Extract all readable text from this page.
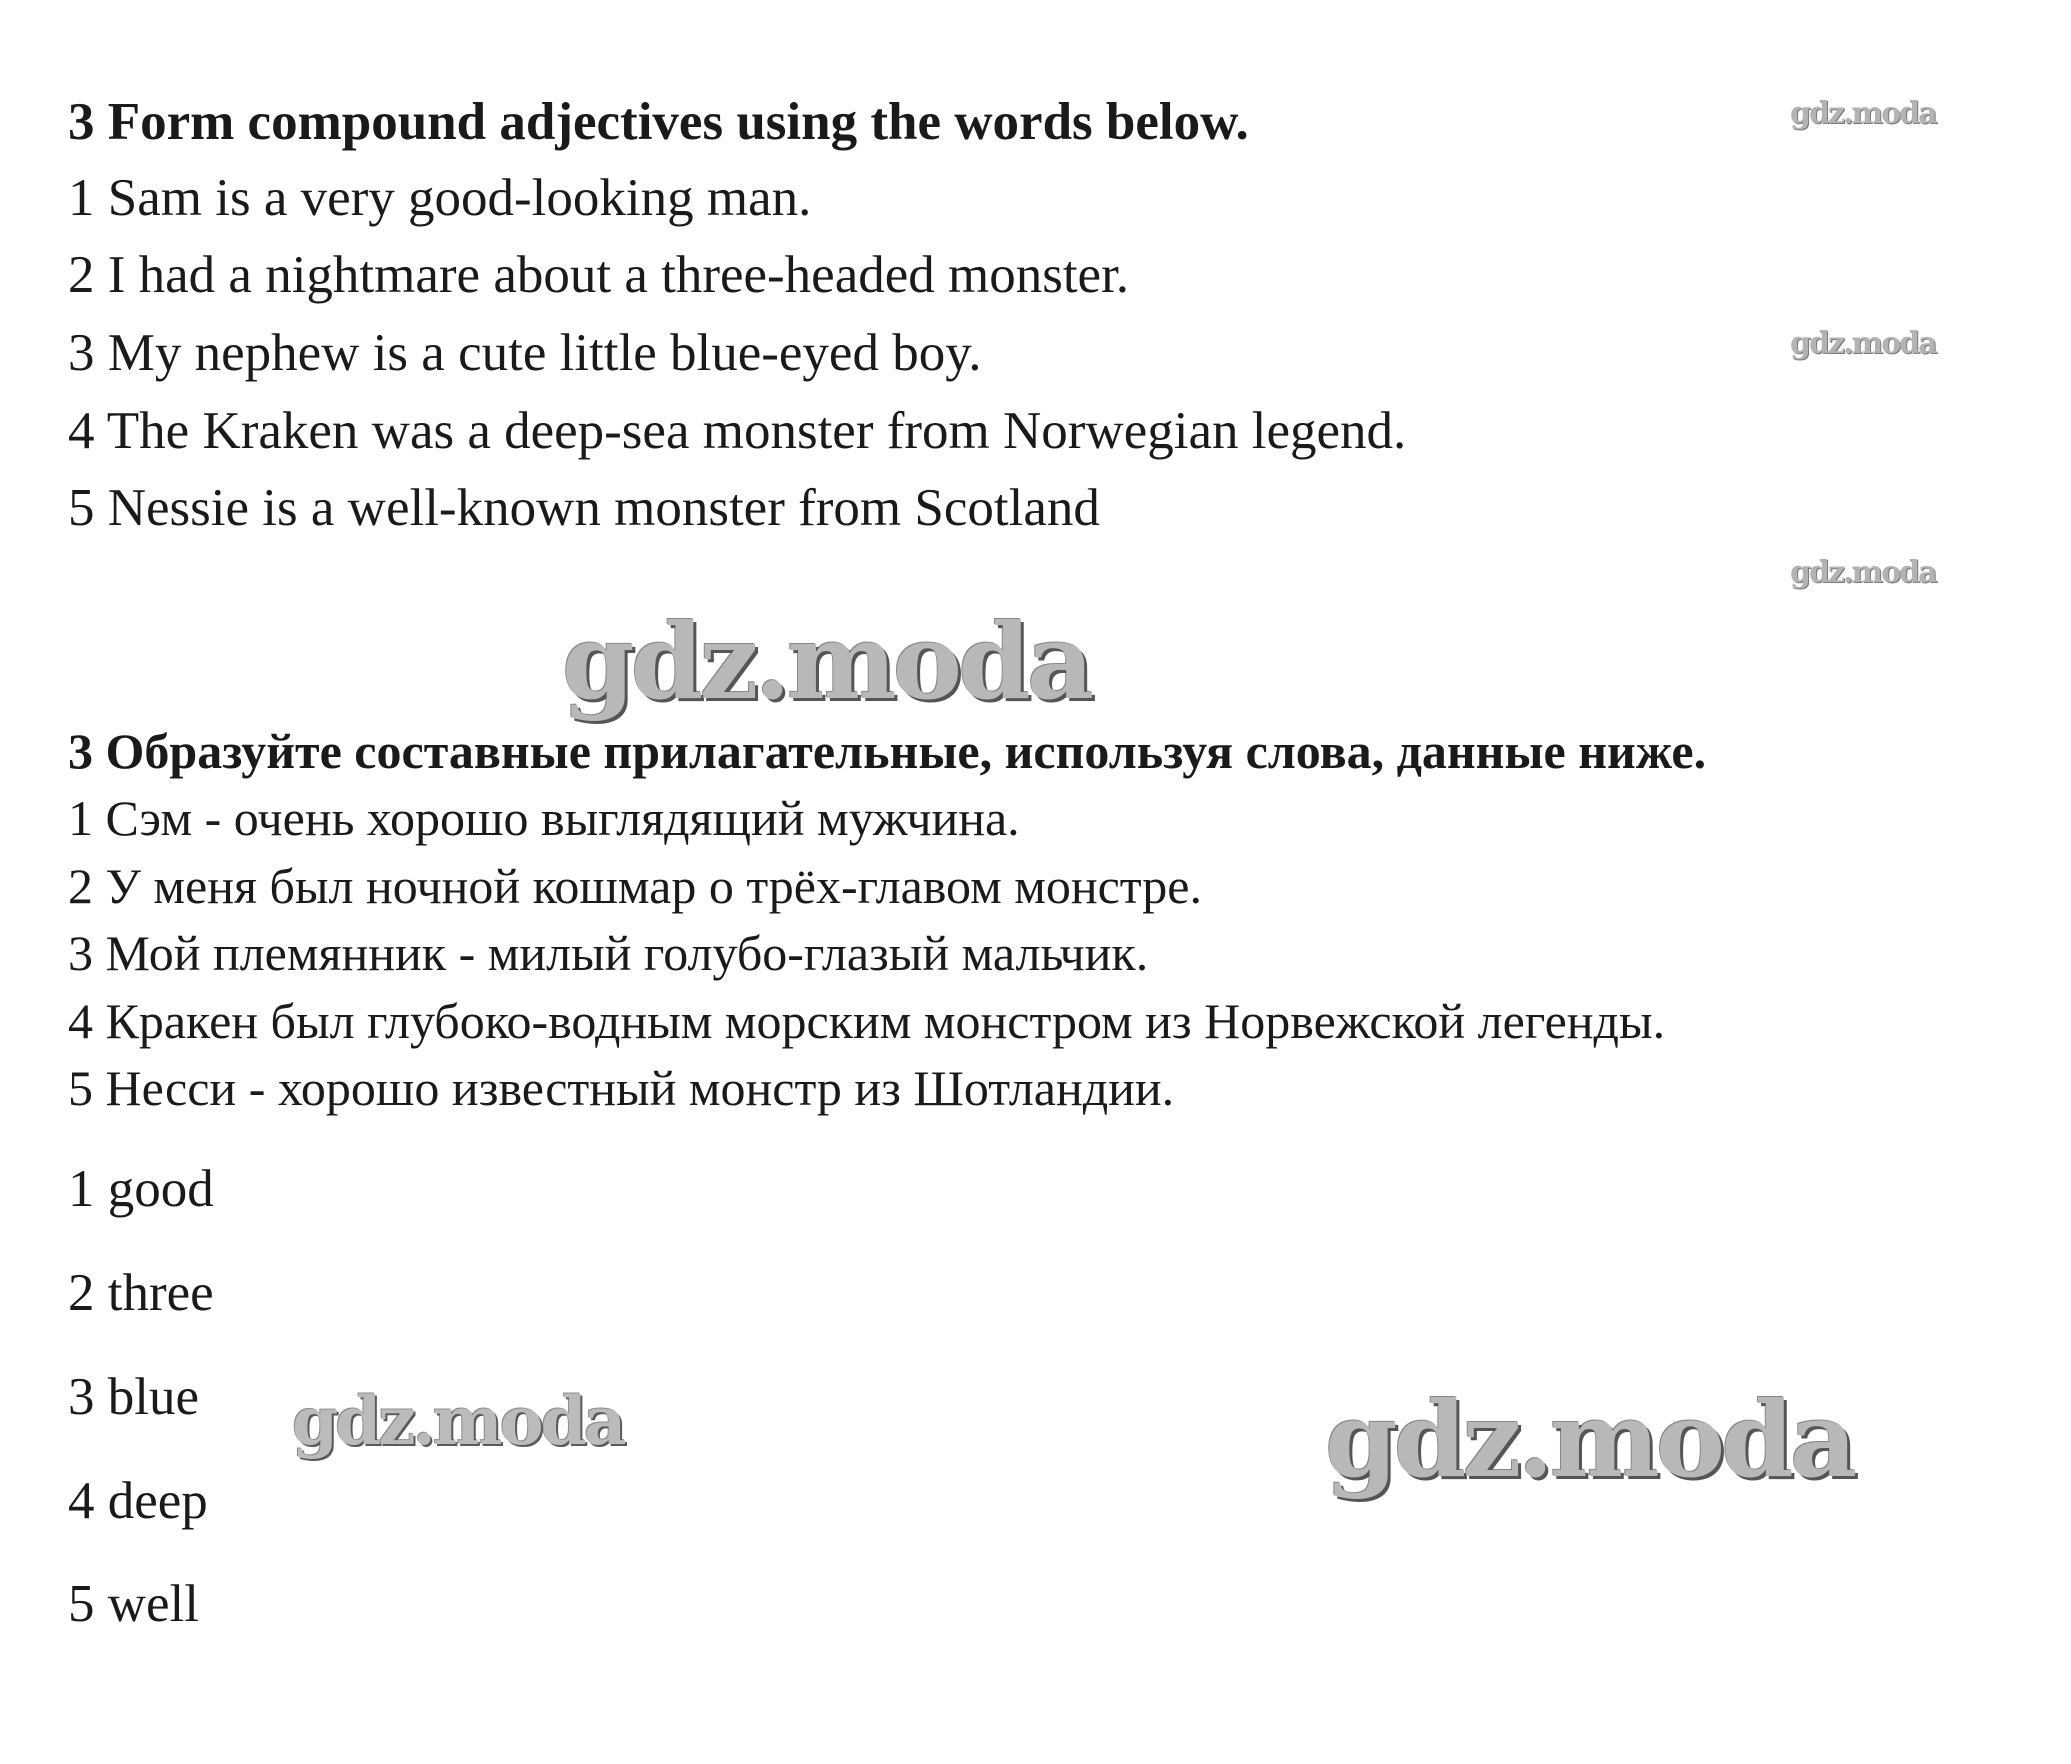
3 Form compound adjectives using the words below.

1 Sam is a very good-looking man.

2 I had a nightmare about a three-headed monster.

3 My nephew is a cute little blue-eyed boy.

4 The Kraken was a deep-sea monster from Norwegian legend.

5 Nessie is a well-known monster from Scotland

3 Образуйте составные прилагательные, используя слова, данные ниже.

1 Сэм - очень хорошо выглядящий мужчина.

2 У меня был ночной кошмар о трёх-главом монстре.

3 Мой племянник - милый голубо-глазый мальчик.

4 Кракен был глубоко-водным морским монстром из Норвежской легенды.

5 Несси - хорошо известный монстр из Шотландии.

1 good

2 three

3 blue

4 deep

5 well

gdz.moda
gdz.moda
gdz.moda
gdz.moda
gdz.moda	gdz.moda
